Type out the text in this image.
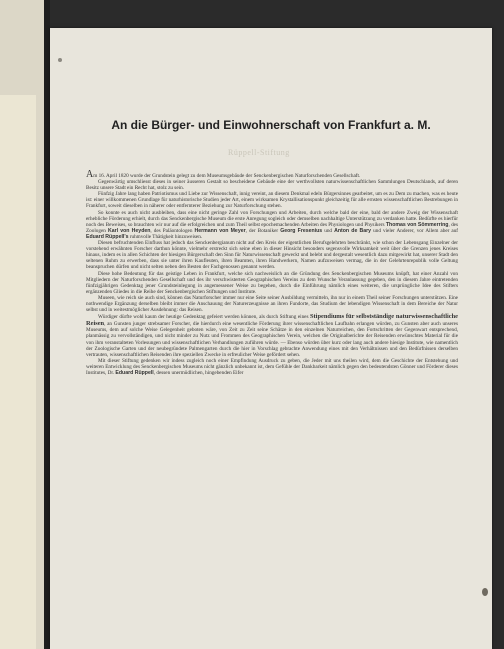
An die Bürger- und Einwohnerschaft von Frankfurt a. M.
Rüppell-Stiftung

Am 16. April 1820 wurde der Grundstein gelegt zu dem Museumsgebäude der Senckenbergischen Naturforschenden Gesellschaft.

Gegenwärtig umschliesst dieses in seiner äusseren Gestalt so bescheidene Gebäude eine der werthvollsten naturwissenschaftlichen Sammlungen Deutschlands, auf deren Besitz unsere Stadt ein Recht hat, stolz zu sein.

Fünfzig Jahre lang haben Patriotismus und Liebe zur Wissenschaft, innig vereint, an diesem Denkmal edeln Bürgersinnes gearbeitet, um es zu Dem zu machen, was es heute ist: einer willkommenen Grundlage für naturhistorische Studien jeder Art, einem wirksamen Krystallisationspunkt gleichzeitig für alle ernsten wissenschaftlichen Bestrebungen in Frankfurt, soweit dieselben in näherer oder entfernterer Beziehung zur Naturforschung stehen.

So konnte es auch nicht ausbleiben, dass eine nicht geringe Zahl von Forschungen und Arbeiten, durch welche bald der eine, bald der andere Zweig der Wissenschaft erhebliche Förderung erhielt, durch das Senckenbergische Museum die erste Anregung sogleich oder demselben nachhaltige Unterstützung zu verdanken hatte. Bedürfte es hierfür noch des Beweises, so brauchten wir nur auf die erfolgreichen und zum Theil selbst epochemachenden Arbeiten des Physiologen und Physikers Thomas von Sömmerring, des Zoologen Karl von Heyden, des Paläontologen Hermann von Meyer, der Botaniker Georg Fresenius und Anton de Bary und vieler Anderer, vor Allem aber auf Eduard Rüppell's ruhmvolle Thätigkeit hinzuweisen.

Diesen befruchtenden Einfluss hat jedoch das Senckenbergianum nicht auf den Kreis der eigentlichen Berufsgelehrten beschränkt, wie schon der Lebensgang Einzelner der vorstehend erwähnten Forscher darthun könnte, vielmehr erstreckt sich seine eben in dieser Hinsicht besonders segensvolle Wirksamkeit weit über die Grenzen jenes Kreises hinaus, indem es in allen Schichten der hiesigen Bürgerschaft den Sinn für Naturwissenschaft geweckt und belebt und dergestalt wesentlich dazu mitgewirkt hat, unserer Stadt den seltenen Ruhm zu erwerben, dass sie unter ihren Kaufleuten, ihren Beamten, ihren Handwerkern, Namen aufzuweisen vermag, die in der Gelehrtenrepublik volle Geltung beanspruchen dürfen und nicht selten neben den Besten der Fachgenossen genannt werden.

Diese hohe Bedeutung für das geistige Leben in Frankfurt, welche sich nachweislich an die Gründung des Senckenbergischen Museums knüpft, hat einer Anzahl von Mitgliedern der Naturforschenden Gesellschaft und des ihr verschwisterten Geographischen Vereins zu dem Wunsche Veranlassung gegeben, den in diesem Jahre eintretenden fünfzigjährigen Gedenktag jener Grundsteinlegung in angemessener Weise zu begehen, durch die Einführung nämlich eines weiteren, die ursprüngliche Idee des Stifters ergänzenden Gliedes in die Reihe der Senckenbergischen Stiftungen und Institute.

Museen, wie reich sie auch sind, können das Naturforscher immer nur eine Seite seiner Ausbildung vermitteln, ihn nur in einem Theil seiner Forschungen unterstützen. Eine nothwendige Ergänzung derselben bleibt immer die Anschauung der Naturerzeugnisse an ihren Fundorte, das Studium der lebendigen Wissenschaft in dem Bereiche der Natur selbst und in weitestmöglicher Ausdehnung: das Reisen.

Würdiger dürfte wohl kaum der heutige Gedenktag gefeiert werden können, als durch Stiftung eines Stipendiums für selbstständige naturwissenschaftliche Reisen, an Gunsten junger strebsamer Forscher, die hierdurch eine wesentliche Förderung ihrer wissenschaftlichen Laufbahn erlangen würden, zu Gunsten aber auch unseres Museums, dem auf solche Weise Gelegenheit geboten wäre, von Zeit zu Zeit seine Schätze in den einzelnen Naturreichen, den Fortschritten der Gegenwart entsprechend, planmässig zu vervollständigen, und nicht minder zu Nutz und Frommen des Geographischen Verein, welchen die Originalberichte der Reisenden erwünschtes Material für die von ihm veranstalteten Vorlesungen und wissenschaftlichen Verhandlungen zuführen würde. — Ebenso würden über kurz oder lang auch andere hiesige Institute, wie namentlich der Zoologische Garten und der neubegründete Palmengarten durch die hier in Vorschlag gebrachte Anwendung eines mit den Verhältnissen und den Bedürfnissen derselben vertrauten, wissenschaftlichen Reisenden ihre speziellen Zwecke in erfreulicher Weise gefördert sehen.

Mit dieser Stiftung gedenken wir indess zugleich noch einer Empfindung Ausdruck zu geben, die Jeder mit uns theilen wird, dem die Geschichte der Entstehung und weiteren Entwicklung des Senckenbergischen Museums nicht gänzlich unbekannt ist, dem Gefühle der Dankbarkeit nämlich gegen den bedeutendsten Gönner und Förderer dieses Institutes, Dr. Eduard Rüppell, dessen unermüdlichen, hingebenden Eifer
